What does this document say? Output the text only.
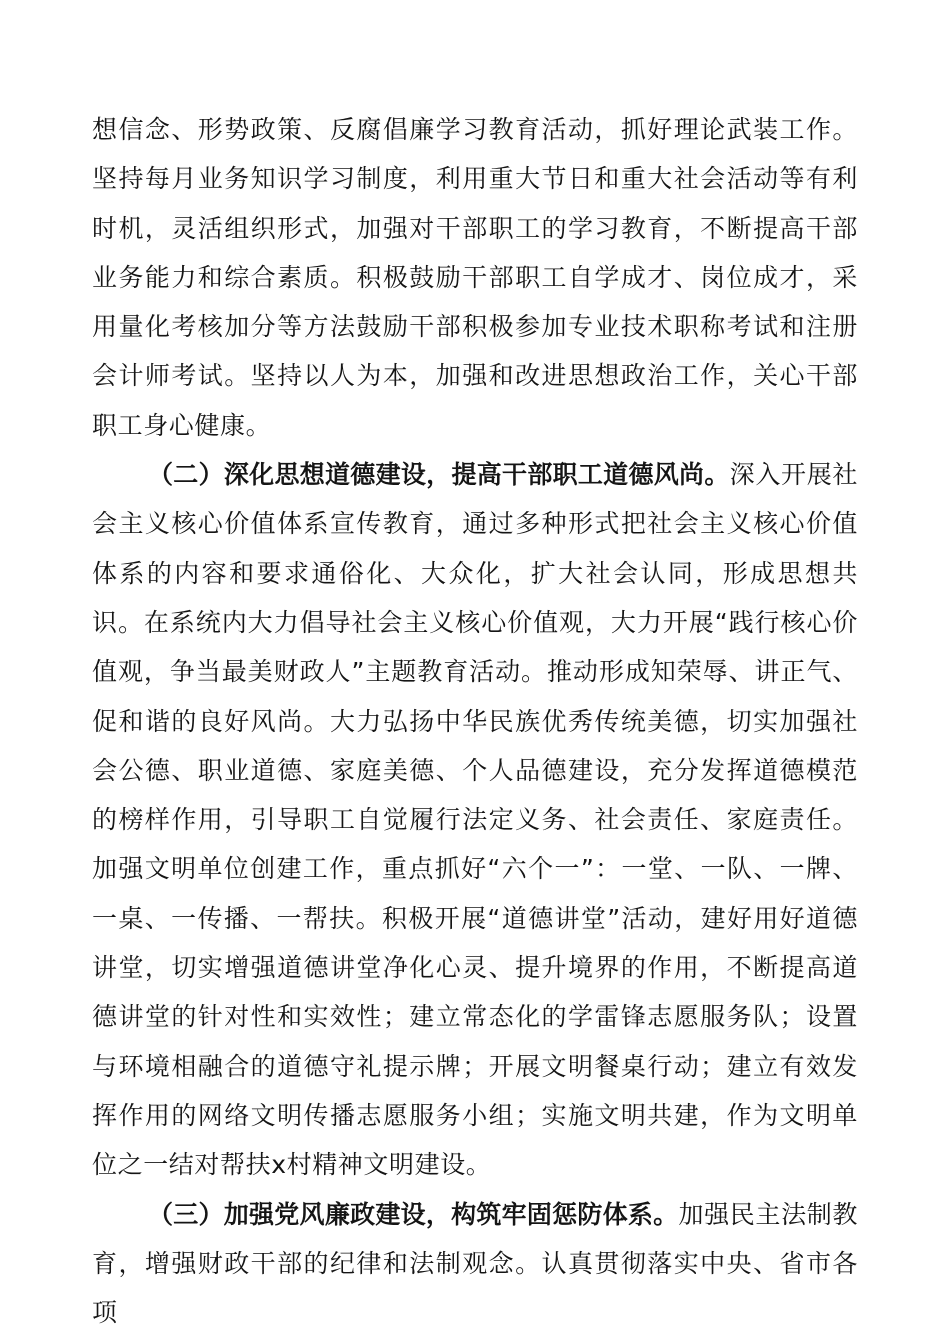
想信念、形势政策、反腐倡廉学习教育活动，抓好理论武装工作。坚持每月业务知识学习制度，利用重大节日和重大社会活动等有利时机，灵活组织形式，加强对干部职工的学习教育，不断提高干部业务能力和综合素质。积极鼓励干部职工自学成才、岗位成才，采用量化考核加分等方法鼓励干部积极参加专业技术职称考试和注册会计师考试。坚持以人为本，加强和改进思想政治工作，关心干部职工身心健康。

（二）深化思想道德建设，提高干部职工道德风尚。深入开展社会主义核心价值体系宣传教育，通过多种形式把社会主义核心价值体系的内容和要求通俗化、大众化，扩大社会认同，形成思想共识。在系统内大力倡导社会主义核心价值观，大力开展“践行核心价值观，争当最美财政人”主题教育活动。推动形成知荣辱、讲正气、促和谐的良好风尚。大力弘扬中华民族优秀传统美德，切实加强社会公德、职业道德、家庭美德、个人品德建设，充分发挥道德模范的榜样作用，引导职工自觉履行法定义务、社会责任、家庭责任。加强文明单位创建工作，重点抓好“六个一”：一堂、一队、一牌、一桌、一传播、一帮扶。积极开展“道德讲堂”活动，建好用好道德讲堂，切实增强道德讲堂净化心灵、提升境界的作用，不断提高道德讲堂的针对性和实效性；建立常态化的学雷锋志愿服务队；设置与环境相融合的道德守礼提示牌；开展文明餐桌行动；建立有效发挥作用的网络文明传播志愿服务小组；实施文明共建，作为文明单位之一结对帮扶x村精神文明建设。

（三）加强党风廉政建设，构筑牢固惩防体系。加强民主法制教育，增强财政干部的纪律和法制观念。认真贯彻落实中央、省市各项
